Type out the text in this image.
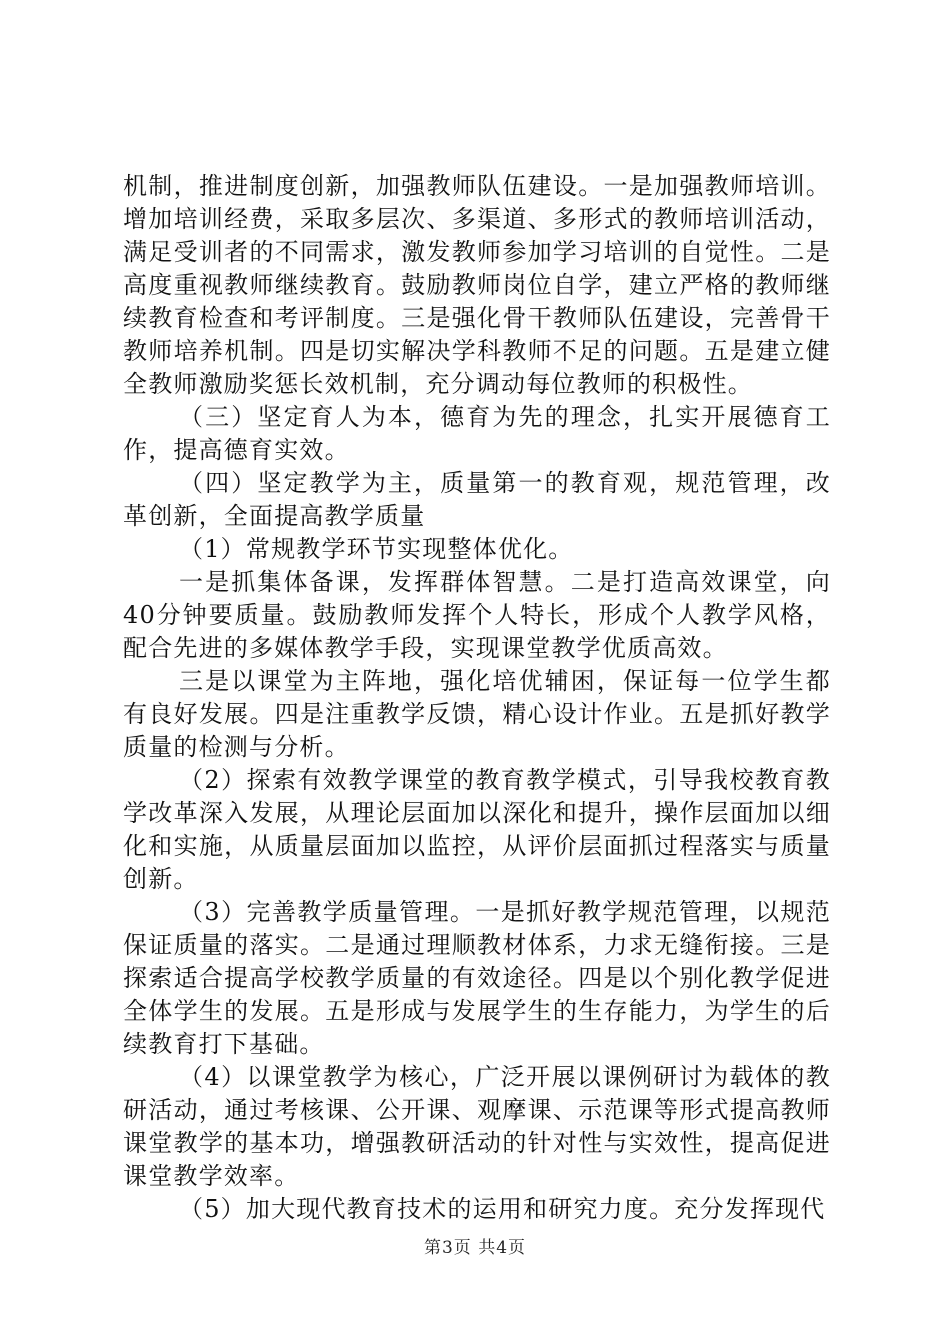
机制，推进制度创新，加强教师队伍建设。一是加强教师培训。增加培训经费，采取多层次、多渠道、多形式的教师培训活动，满足受训者的不同需求，激发教师参加学习培训的自觉性。二是高度重视教师继续教育。鼓励教师岗位自学，建立严格的教师继续教育检查和考评制度。三是强化骨干教师队伍建设，完善骨干教师培养机制。四是切实解决学科教师不足的问题。五是建立健全教师激励奖惩长效机制，充分调动每位教师的积极性。

（三）坚定育人为本，德育为先的理念，扎实开展德育工作，提高德育实效。

（四）坚定教学为主，质量第一的教育观，规范管理，改革创新，全面提高教学质量

（1）常规教学环节实现整体优化。

一是抓集体备课，发挥群体智慧。二是打造高效课堂，向40分钟要质量。鼓励教师发挥个人特长，形成个人教学风格，配合先进的多媒体教学手段，实现课堂教学优质高效。

三是以课堂为主阵地，强化培优辅困，保证每一位学生都有良好发展。四是注重教学反馈，精心设计作业。五是抓好教学质量的检测与分析。

（2）探索有效教学课堂的教育教学模式，引导我校教育教学改革深入发展，从理论层面加以深化和提升，操作层面加以细化和实施，从质量层面加以监控，从评价层面抓过程落实与质量创新。

（3）完善教学质量管理。一是抓好教学规范管理，以规范保证质量的落实。二是通过理顺教材体系，力求无缝衔接。三是探索适合提高学校教学质量的有效途径。四是以个别化教学促进全体学生的发展。五是形成与发展学生的生存能力，为学生的后续教育打下基础。

（4）以课堂教学为核心，广泛开展以课例研讨为载体的教研活动，通过考核课、公开课、观摩课、示范课等形式提高教师课堂教学的基本功，增强教研活动的针对性与实效性，提高促进课堂教学效率。

（5）加大现代教育技术的运用和研究力度。充分发挥现代

第3页 共4页
